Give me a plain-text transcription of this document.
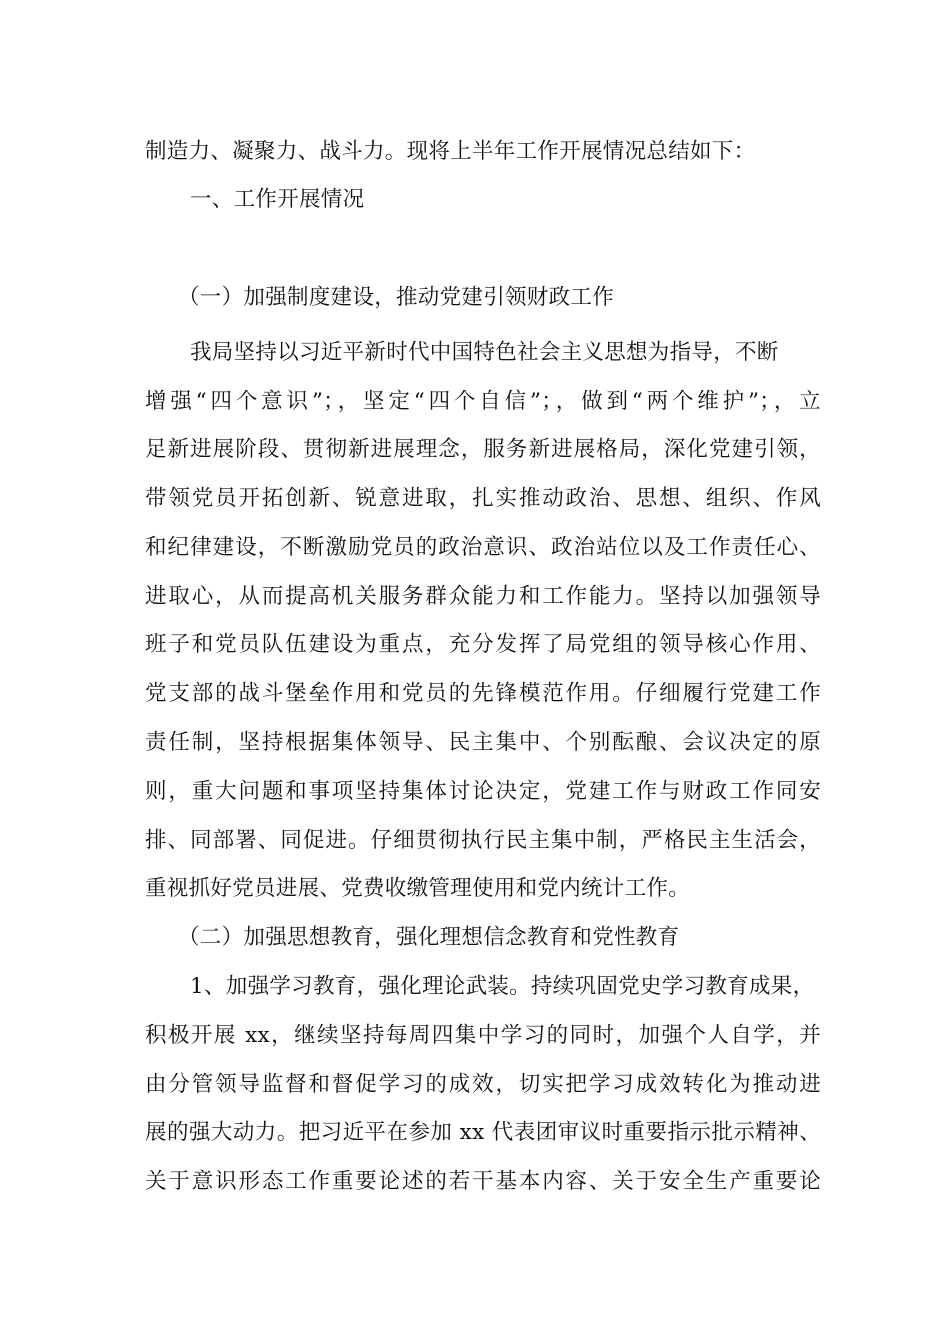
制造力、凝聚力、战斗力。现将上半年工作开展情况总结如下：
一、工作开展情况
（一）加强制度建设，推动党建引领财政工作
我局坚持以习近平新时代中国特色社会主义思想为指导，不断
增强“四个意识”；，坚定“四个自信”；，做到“两个维护”；，立
足新进展阶段、贯彻新进展理念，服务新进展格局，深化党建引领，
带领党员开拓创新、锐意进取，扎实推动政治、思想、组织、作风
和纪律建设，不断激励党员的政治意识、政治站位以及工作责任心、
进取心，从而提高机关服务群众能力和工作能力。坚持以加强领导
班子和党员队伍建设为重点，充分发挥了局党组的领导核心作用、
党支部的战斗堡垒作用和党员的先锋模范作用。仔细履行党建工作
责任制，坚持根据集体领导、民主集中、个别酝酿、会议决定的原
则，重大问题和事项坚持集体讨论决定，党建工作与财政工作同安
排、同部署、同促进。仔细贯彻执行民主集中制，严格民主生活会，
重视抓好党员进展、党费收缴管理使用和党内统计工作。
（二）加强思想教育，强化理想信念教育和党性教育
1、加强学习教育，强化理论武装。持续巩固党史学习教育成果，
积极开展 xx，继续坚持每周四集中学习的同时，加强个人自学，并
由分管领导监督和督促学习的成效，切实把学习成效转化为推动进
展的强大动力。把习近平在参加 xx 代表团审议时重要指示批示精神、
关于意识形态工作重要论述的若干基本内容、关于安全生产重要论
